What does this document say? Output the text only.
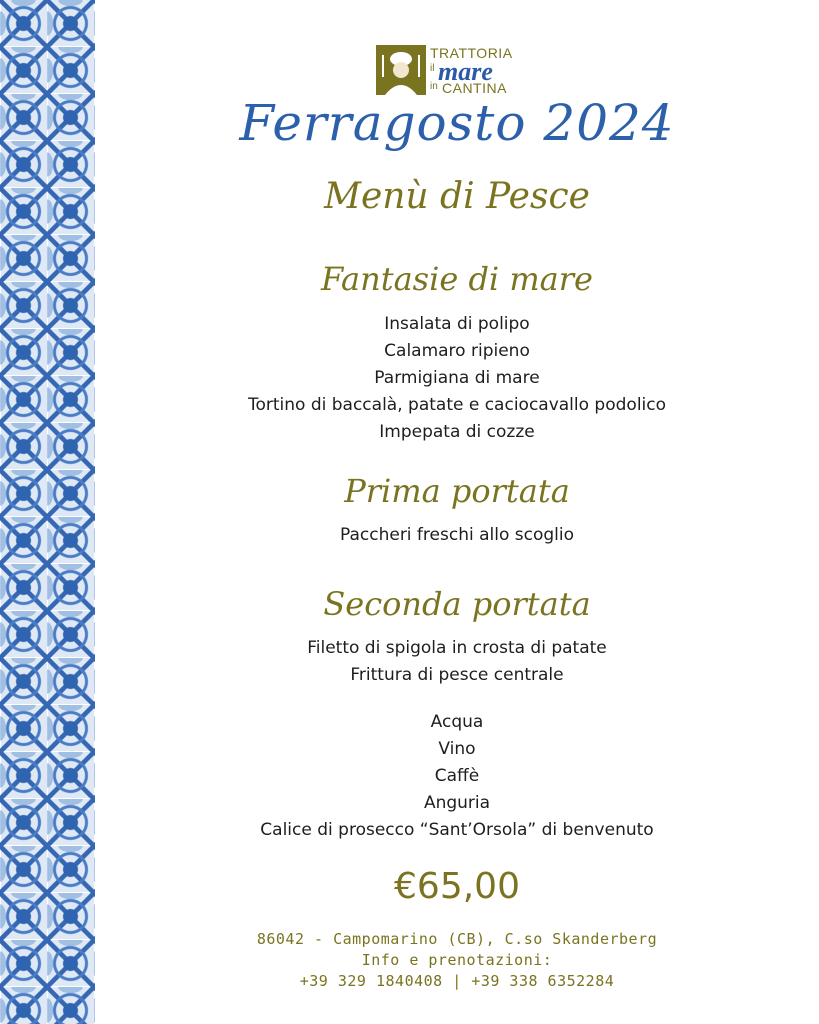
TRATTORIA
il mare
in CANTINA
Ferragosto 2024
Menù di Pesce
Fantasie di mare
Insalata di polipo
Calamaro ripieno
Parmigiana di mare
Tortino di baccalà, patate e caciocavallo podolico
Impepata di cozze
Prima portata
Paccheri freschi allo scoglio
Seconda portata
Filetto di spigola in crosta di patate
Frittura di pesce centrale
Acqua
Vino
Caffè
Anguria
Calice di prosecco “Sant’Orsola” di benvenuto
€65,00
86042 - Campomarino (CB), C.so Skanderberg
Info e prenotazioni:
+39 329 1840408 | +39 338 6352284
